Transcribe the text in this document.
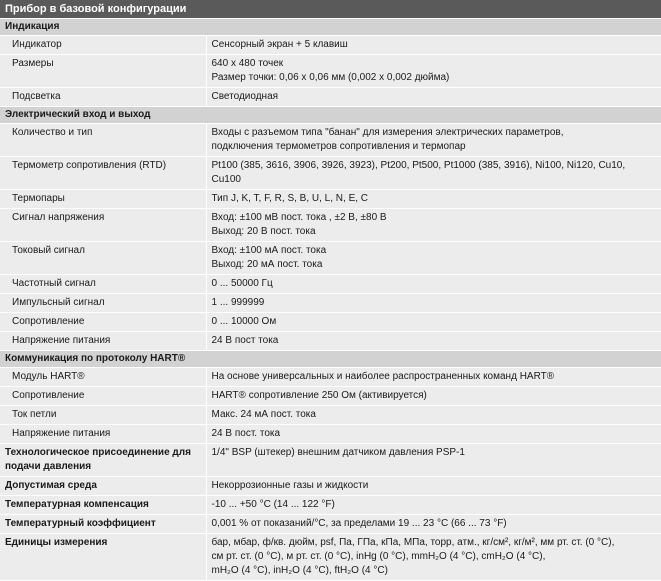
Прибор в базовой конфигурации	
Индикация	
Индикатор	Сенсорный экран + 5 клавиш

Размеры	640 x 480 точек
Размер точки: 0,06 x 0,06 мм (0,002 x 0,002 дюйма)

Подсветка	Светодиодная

Электрический вход и выход	
Количество и тип	Входы с разъемом типа "банан" для измерения электрических параметров,
подключения термометров сопротивления и термопар

Термометр сопротивления (RTD)	Pt100 (385, 3616, 3906, 3926, 3923), Pt200, Pt500, Pt1000 (385, 3916), Ni100, Ni120, Cu10,
Cu100

Термопары	Тип J, K, T, F, R, S, B, U, L, N, E, C

Сигнал напряжения	Вход: ±100 мВ пост. тока , ±2 В, ±80 В
Выход: 20 В пост. тока

Токовый сигнал	Вход: ±100 мА пост. тока
Выход: 20 мА пост. тока

Частотный сигнал	0 ... 50000 Гц

Импульсный сигнал	1 ... 999999

Сопротивление	0 ... 10000 Ом

Напряжение питания	24 В пост тока

Коммуникация по протоколу HART®	
Модуль HART®	На основе универсальных и наиболее распространенных команд HART®

Сопротивление	HART® сопротивление 250 Ом (активируется)

Ток петли	Макс. 24 мА пост. тока

Напряжение питания	24 В пост. тока

Технологическое присоединение для подачи давления	1/4" BSP (штекер) внешним датчиком давления PSP-1

Допустимая среда	Некоррозионные газы и жидкости

Температурная компенсация	-10 ... +50 °C (14 ... 122 °F)

Температурный коэффициент	0,001 % от показаний/°C, за пределами 19 ... 23 °C (66 ... 73 °F)

Единицы измерения	бар, мбар, ф/кв. дюйм, psf, Па, ГПа, кПа, МПа, торр, атм., кг/см², кг/м², мм рт. ст. (0 °C),
см рт. ст. (0 °C), м рт. ст. (0 °C), inHg (0 °C), mmH₂O (4 °C), cmH₂O (4 °C),
mH₂O (4 °C), inH₂O (4 °C), ftH₂O (4 °C)
